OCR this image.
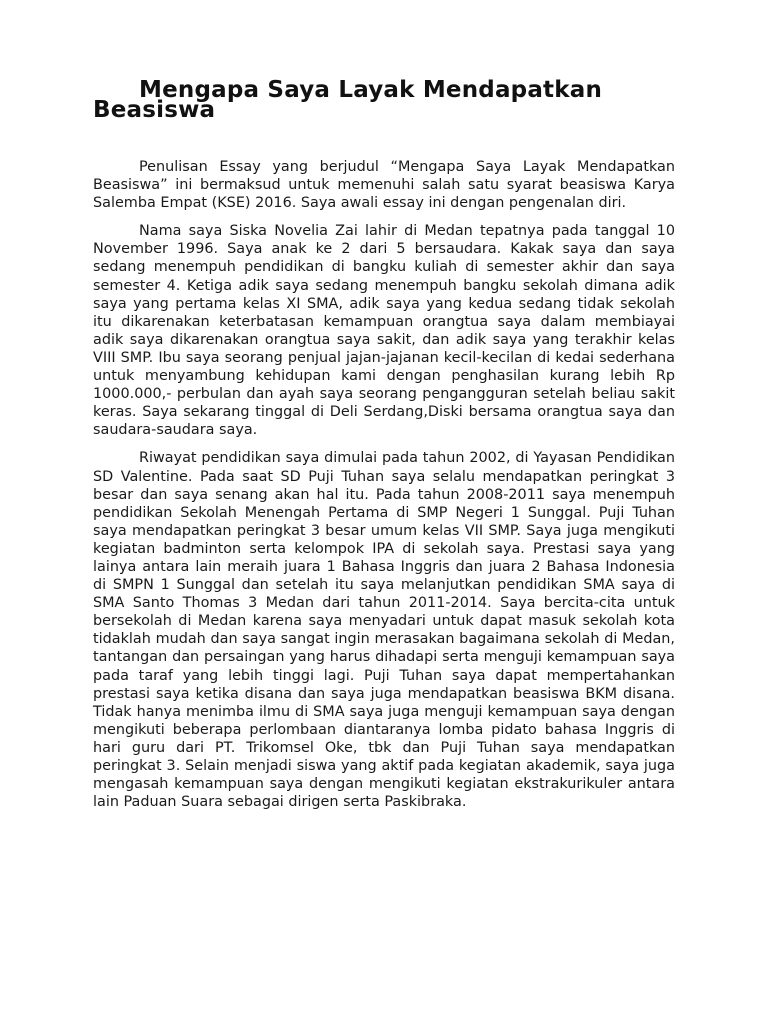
Mengapa Saya Layak Mendapatkan Beasiswa

Penulisan Essay yang berjudul “Mengapa Saya Layak Mendapatkan Beasiswa” ini bermaksud untuk memenuhi salah satu syarat beasiswa Karya Salemba Empat (KSE) 2016. Saya awali essay ini dengan pengenalan diri.

Nama saya Siska Novelia Zai lahir di Medan tepatnya pada tanggal 10 November 1996. Saya anak ke 2 dari 5 bersaudara. Kakak saya dan saya sedang menempuh pendidikan di bangku kuliah di semester akhir dan saya semester 4. Ketiga adik saya sedang menempuh bangku sekolah dimana adik saya yang pertama kelas XI SMA, adik saya yang kedua sedang tidak sekolah itu dikarenakan keterbatasan kemampuan orangtua saya dalam membiayai adik saya dikarenakan orangtua saya sakit, dan adik saya yang terakhir kelas VIII SMP. Ibu saya seorang penjual jajan-jajanan kecil-kecilan di kedai sederhana untuk menyambung kehidupan kami dengan penghasilan kurang lebih Rp 1000.000,- perbulan dan ayah saya seorang pengangguran setelah beliau sakit keras. Saya sekarang tinggal di Deli Serdang,Diski bersama orangtua saya dan saudara-saudara saya.

Riwayat pendidikan saya dimulai pada tahun 2002, di Yayasan Pendidikan SD Valentine. Pada saat SD Puji Tuhan saya selalu mendapatkan peringkat 3 besar dan saya senang akan hal itu. Pada tahun 2008-2011 saya menempuh pendidikan Sekolah Menengah Pertama di SMP Negeri 1 Sunggal. Puji Tuhan saya mendapatkan peringkat 3 besar umum kelas VII SMP. Saya juga mengikuti kegiatan badminton serta kelompok IPA di sekolah saya. Prestasi saya yang lainya antara lain meraih juara 1 Bahasa Inggris dan juara 2 Bahasa Indonesia di SMPN 1 Sunggal dan setelah itu saya melanjutkan pendidikan SMA saya di SMA Santo Thomas 3 Medan dari tahun 2011-2014. Saya bercita-cita untuk bersekolah di Medan karena saya menyadari untuk dapat masuk sekolah kota tidaklah mudah dan saya sangat ingin merasakan bagaimana sekolah di Medan, tantangan dan persaingan yang harus dihadapi serta menguji kemampuan saya pada taraf yang lebih tinggi lagi. Puji Tuhan saya dapat mempertahankan prestasi saya ketika disana dan saya juga mendapatkan beasiswa BKM disana. Tidak hanya menimba ilmu di SMA saya juga menguji kemampuan saya dengan mengikuti beberapa perlombaan diantaranya lomba pidato bahasa Inggris di hari guru dari PT. Trikomsel Oke, tbk dan Puji Tuhan saya mendapatkan peringkat 3. Selain menjadi siswa yang aktif pada kegiatan akademik, saya juga mengasah kemampuan saya dengan mengikuti kegiatan ekstrakurikuler antara lain Paduan Suara sebagai dirigen serta Paskibraka.
